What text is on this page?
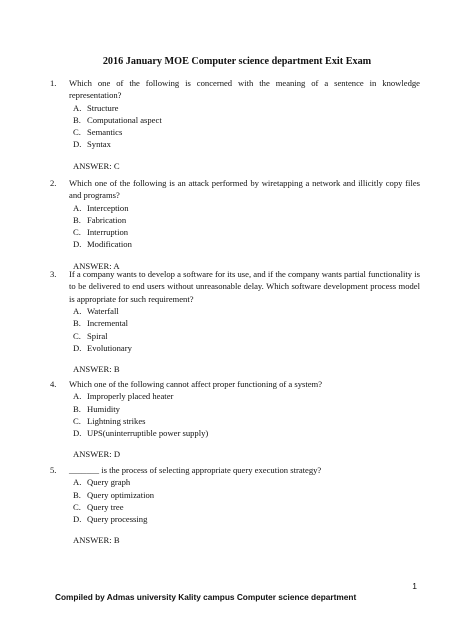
2016 January MOE Computer science department Exit Exam
1.	Which one of the following is concerned with the meaning of a sentence in knowledge representation?
A. Structure
B. Computational aspect
C. Semantics
D. Syntax
ANSWER: C
2.	Which one of the following is an attack performed by wiretapping a network and illicitly copy files and programs?
A. Interception
B. Fabrication
C. Interruption
D. Modification
ANSWER: A
3.	If a company wants to develop a software for its use, and if the company wants partial functionality is to be delivered to end users without unreasonable delay. Which software development process model is appropriate for such requirement?
A. Waterfall
B. Incremental
C. Spiral
D. Evolutionary
ANSWER: B
4.	Which one of the following cannot affect proper functioning of a system?
A. Improperly placed heater
B. Humidity
C. Lightning strikes
D. UPS(uninterruptible power supply)
ANSWER: D
5.	_______ is the process of selecting appropriate query execution strategy?
A. Query graph
B. Query optimization
C. Query tree
D. Query processing
ANSWER: B
1
Compiled by Admas university Kality campus Computer science department
